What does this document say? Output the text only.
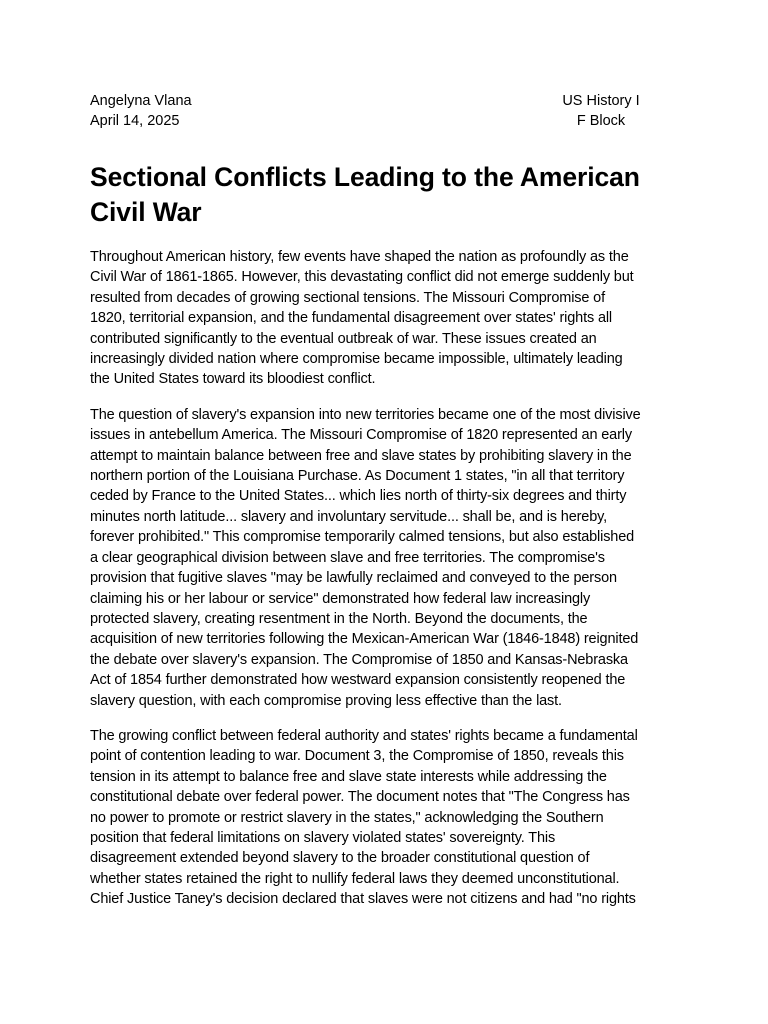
Angelyna Vlana
April 14, 2025
US History I
F Block
Sectional Conflicts Leading to the American
Civil War

Throughout American history, few events have shaped the nation as profoundly as the
Civil War of 1861-1865. However, this devastating conflict did not emerge suddenly but
resulted from decades of growing sectional tensions. The Missouri Compromise of
1820, territorial expansion, and the fundamental disagreement over states' rights all
contributed significantly to the eventual outbreak of war. These issues created an
increasingly divided nation where compromise became impossible, ultimately leading
the United States toward its bloodiest conflict.

The question of slavery's expansion into new territories became one of the most divisive
issues in antebellum America. The Missouri Compromise of 1820 represented an early
attempt to maintain balance between free and slave states by prohibiting slavery in the
northern portion of the Louisiana Purchase. As Document 1 states, "in all that territory
ceded by France to the United States... which lies north of thirty-six degrees and thirty
minutes north latitude... slavery and involuntary servitude... shall be, and is hereby,
forever prohibited." This compromise temporarily calmed tensions, but also established
a clear geographical division between slave and free territories. The compromise's
provision that fugitive slaves "may be lawfully reclaimed and conveyed to the person
claiming his or her labour or service" demonstrated how federal law increasingly
protected slavery, creating resentment in the North. Beyond the documents, the
acquisition of new territories following the Mexican-American War (1846-1848) reignited
the debate over slavery's expansion. The Compromise of 1850 and Kansas-Nebraska
Act of 1854 further demonstrated how westward expansion consistently reopened the
slavery question, with each compromise proving less effective than the last.

The growing conflict between federal authority and states' rights became a fundamental
point of contention leading to war. Document 3, the Compromise of 1850, reveals this
tension in its attempt to balance free and slave state interests while addressing the
constitutional debate over federal power. The document notes that "The Congress has
no power to promote or restrict slavery in the states," acknowledging the Southern
position that federal limitations on slavery violated states' sovereignty. This
disagreement extended beyond slavery to the broader constitutional question of
whether states retained the right to nullify federal laws they deemed unconstitutional.
Chief Justice Taney's decision declared that slaves were not citizens and had "no rights
